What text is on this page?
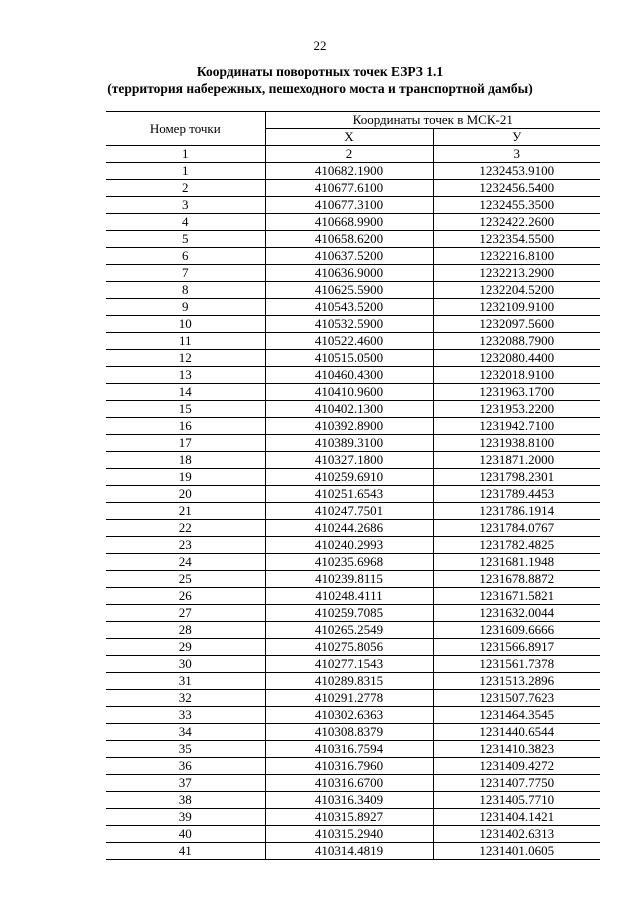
22
Координаты поворотных точек ЕЗРЗ 1.1
(территория набережных, пешеходного моста и транспортной дамбы)
Номер точки	Координаты точек в МСК-21	
	X	У
1	2	3
1	410682.1900	1232453.9100
2	410677.6100	1232456.5400
3	410677.3100	1232455.3500
4	410668.9900	1232422.2600
5	410658.6200	1232354.5500
6	410637.5200	1232216.8100
7	410636.9000	1232213.2900
8	410625.5900	1232204.5200
9	410543.5200	1232109.9100
10	410532.5900	1232097.5600
11	410522.4600	1232088.7900
12	410515.0500	1232080.4400
13	410460.4300	1232018.9100
14	410410.9600	1231963.1700
15	410402.1300	1231953.2200
16	410392.8900	1231942.7100
17	410389.3100	1231938.8100
18	410327.1800	1231871.2000
19	410259.6910	1231798.2301
20	410251.6543	1231789.4453
21	410247.7501	1231786.1914
22	410244.2686	1231784.0767
23	410240.2993	1231782.4825
24	410235.6968	1231681.1948
25	410239.8115	1231678.8872
26	410248.4111	1231671.5821
27	410259.7085	1231632.0044
28	410265.2549	1231609.6666
29	410275.8056	1231566.8917
30	410277.1543	1231561.7378
31	410289.8315	1231513.2896
32	410291.2778	1231507.7623
33	410302.6363	1231464.3545
34	410308.8379	1231440.6544
35	410316.7594	1231410.3823
36	410316.7960	1231409.4272
37	410316.6700	1231407.7750
38	410316.3409	1231405.7710
39	410315.8927	1231404.1421
40	410315.2940	1231402.6313
41	410314.4819	1231401.0605
